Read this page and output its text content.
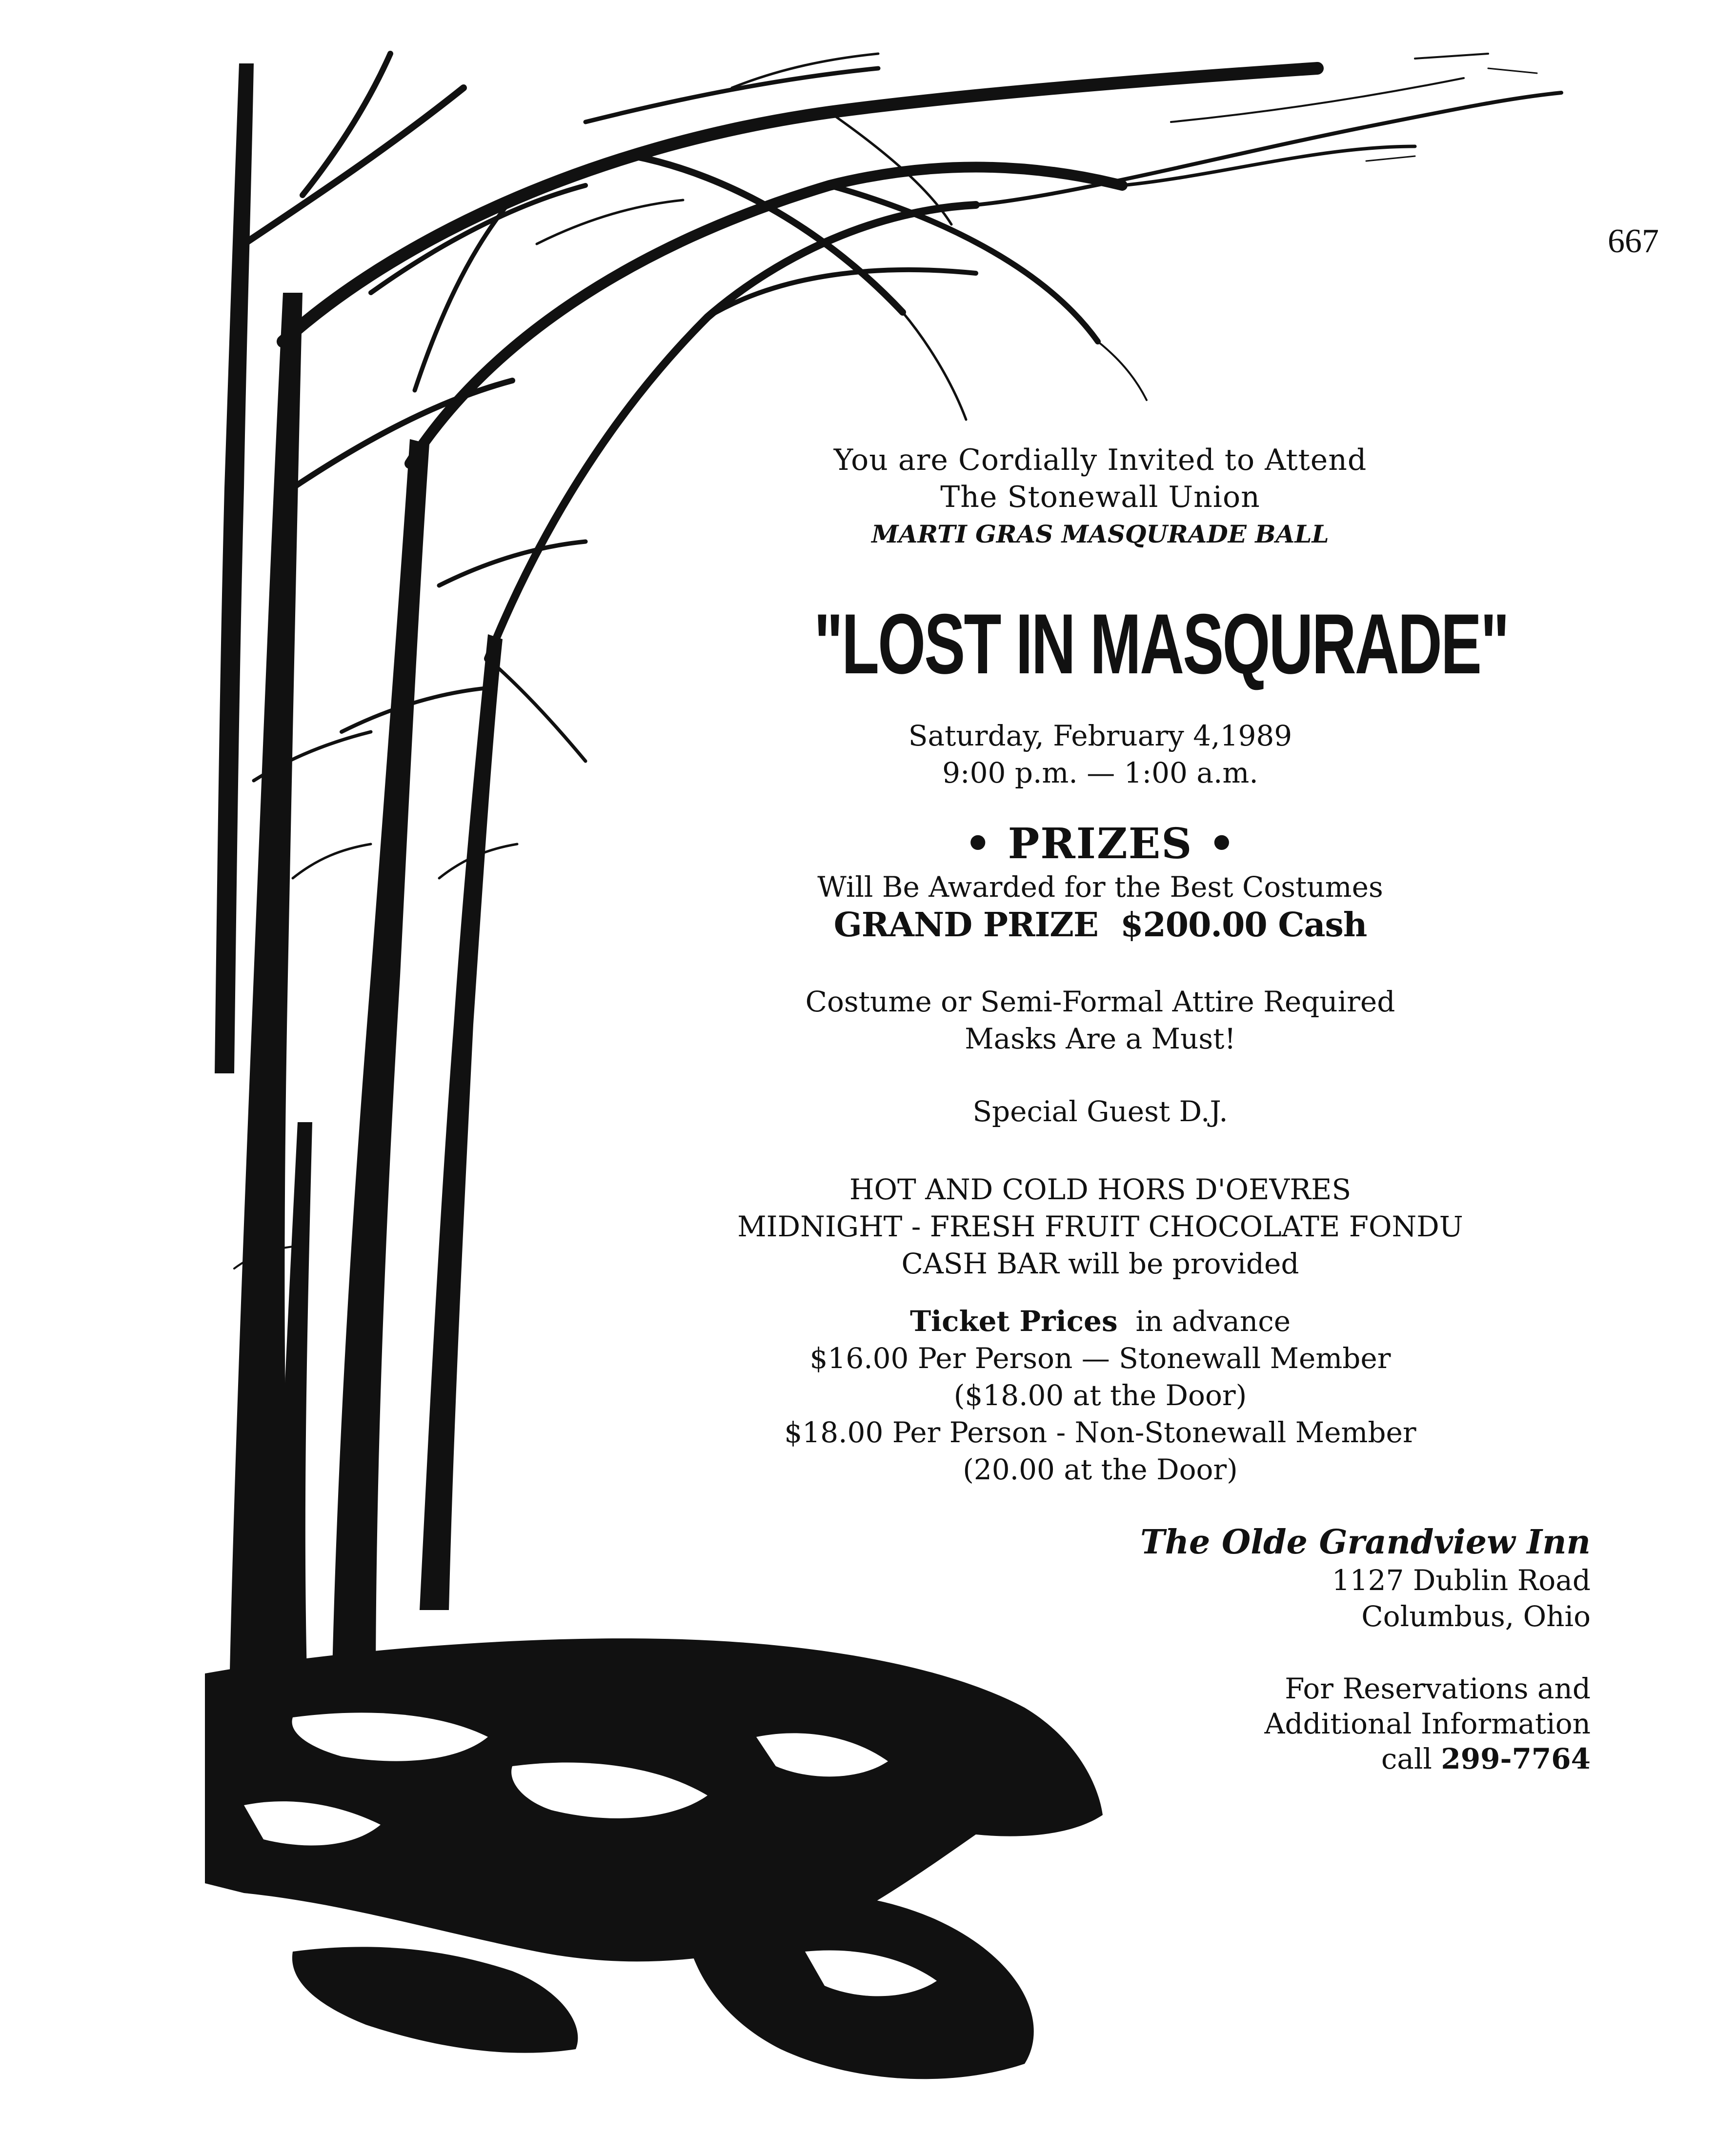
667
You are Cordially Invited to Attend
The Stonewall Union
MARTI GRAS MASQURADE BALL
"LOST IN MASQURADE"
Saturday, February 4,1989
9:00 p.m. — 1:00 a.m.
• PRIZES •
Will Be Awarded for the Best Costumes
GRAND PRIZE $200.00 Cash
Costume or Semi-Formal Attire Required
Masks Are a Must!
Special Guest D.J.
HOT AND COLD HORS D'OEVRES
MIDNIGHT - FRESH FRUIT CHOCOLATE FONDU
CASH BAR will be provided
Ticket Prices in advance
$16.00 Per Person — Stonewall Member
($18.00 at the Door)
$18.00 Per Person - Non-Stonewall Member
(20.00 at the Door)
The Olde Grandview Inn
1127 Dublin Road
Columbus, Ohio
For Reservations and
Additional Information
call 299-7764
